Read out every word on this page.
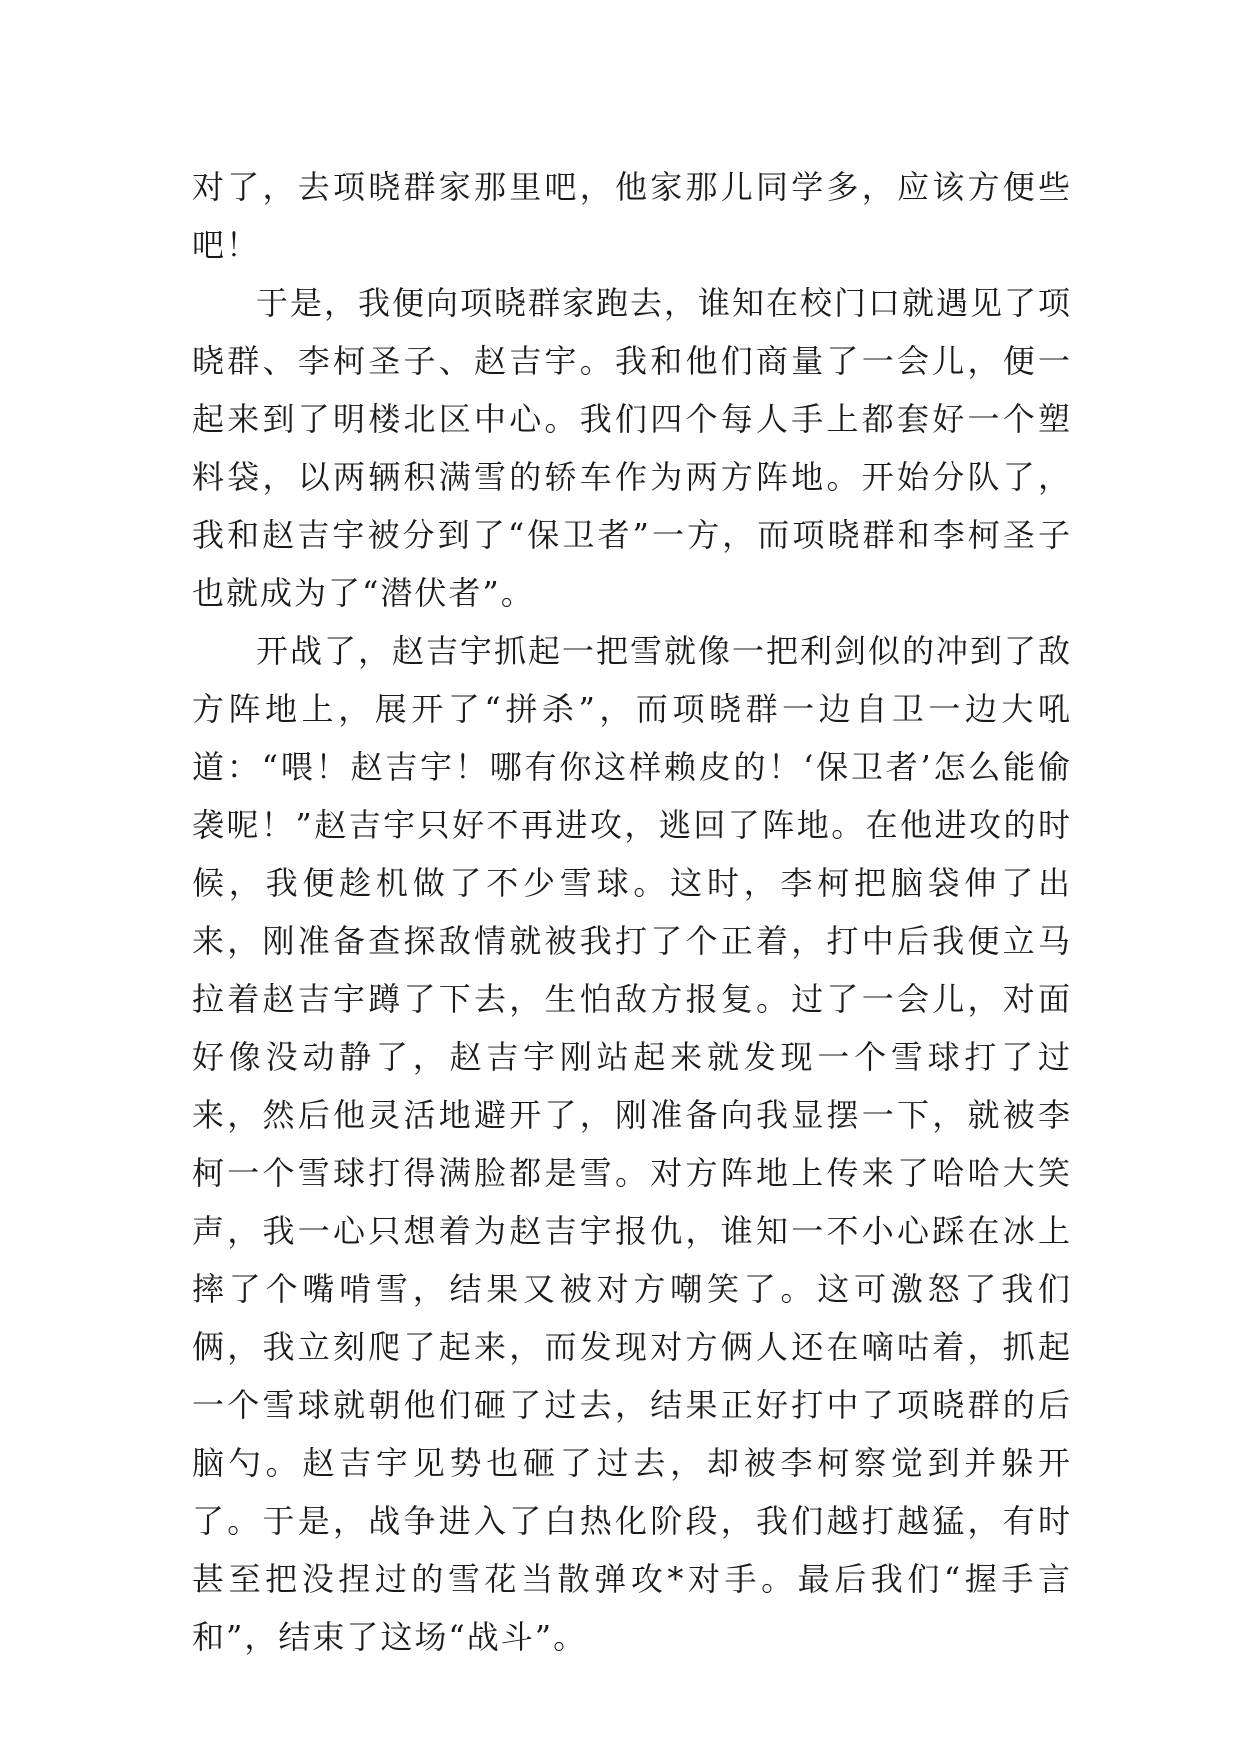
对了，去项晓群家那里吧，他家那儿同学多，应该方便些吧！

于是，我便向项晓群家跑去，谁知在校门口就遇见了项晓群、李柯圣子、赵吉宇。我和他们商量了一会儿，便一起来到了明楼北区中心。我们四个每人手上都套好一个塑料袋，以两辆积满雪的轿车作为两方阵地。开始分队了，我和赵吉宇被分到了“保卫者”一方，而项晓群和李柯圣子也就成为了“潜伏者”。

开战了，赵吉宇抓起一把雪就像一把利剑似的冲到了敌方阵地上，展开了“拼杀”，而项晓群一边自卫一边大吼道：“喂！赵吉宇！哪有你这样赖皮的！‘保卫者’怎么能偷袭呢！”赵吉宇只好不再进攻，逃回了阵地。在他进攻的时候，我便趁机做了不少雪球。这时，李柯把脑袋伸了出来，刚准备查探敌情就被我打了个正着，打中后我便立马拉着赵吉宇蹲了下去，生怕敌方报复。过了一会儿，对面好像没动静了，赵吉宇刚站起来就发现一个雪球打了过来，然后他灵活地避开了，刚准备向我显摆一下，就被李柯一个雪球打得满脸都是雪。对方阵地上传来了哈哈大笑声，我一心只想着为赵吉宇报仇，谁知一不小心踩在冰上摔了个嘴啃雪，结果又被对方嘲笑了。这可激怒了我们俩，我立刻爬了起来，而发现对方俩人还在嘀咕着，抓起一个雪球就朝他们砸了过去，结果正好打中了项晓群的后脑勺。赵吉宇见势也砸了过去，却被李柯察觉到并躲开了。于是，战争进入了白热化阶段，我们越打越猛，有时甚至把没捏过的雪花当散弹攻*对手。最后我们“握手言和”，结束了这场“战斗”。
